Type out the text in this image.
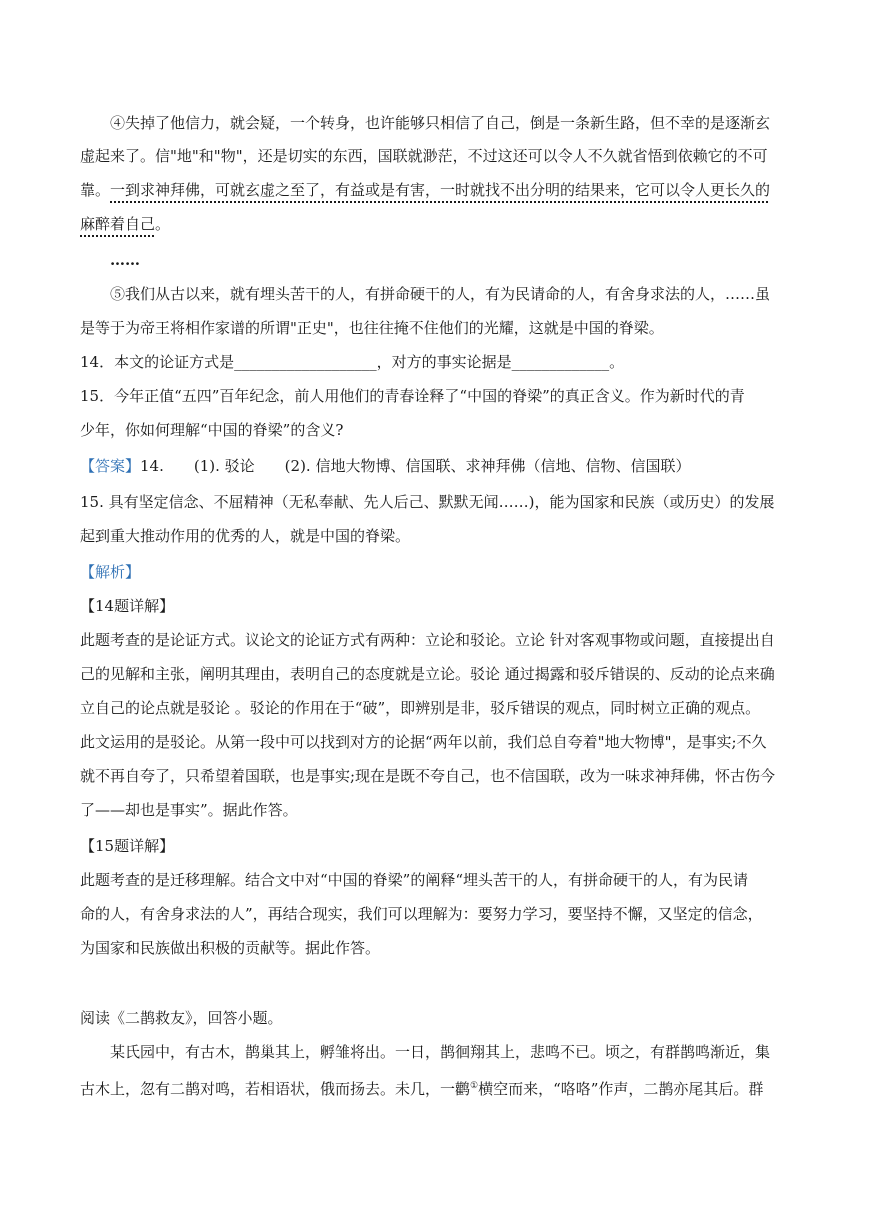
④失掉了他信力，就会疑，一个转身，也许能够只相信了自己，倒是一条新生路，但不幸的是逐渐玄
虚起来了。信"地"和"物"，还是切实的东西，国联就渺茫，不过这还可以令人不久就省悟到依赖它的不可
靠。一到求神拜佛，可就玄虚之至了，有益或是有害，一时就找不出分明的结果来，它可以令人更长久的
麻醉着自己。
……
⑤我们从古以来，就有埋头苦干的人，有拼命硬干的人，有为民请命的人，有舍身求法的人，……虽
是等于为帝王将相作家谱的所谓"正史"，也往往掩不住他们的光耀，这就是中国的脊梁。
14．本文的论证方式是___________________，对方的事实论据是_____________。
15．今年正值“五四”百年纪念，前人用他们的青春诠释了“中国的脊梁”的真正含义。作为新时代的青
少年，你如何理解“中国的脊梁”的含义?
【答案】14. (1). 驳论 (2). 信地大物博、信国联、求神拜佛（信地、信物、信国联）
15. 具有坚定信念、不屈精神（无私奉献、先人后己、默默无闻……)，能为国家和民族（或历史）的发展
起到重大推动作用的优秀的人，就是中国的脊梁。
【解析】
【14题详解】
此题考查的是论证方式。议论文的论证方式有两种：立论和驳论。立论 针对客观事物或问题，直接提出自
己的见解和主张，阐明其理由，表明自己的态度就是立论。驳论 通过揭露和驳斥错误的、反动的论点来确
立自己的论点就是驳论 。驳论的作用在于“破”，即辨别是非，驳斥错误的观点，同时树立正确的观点。
此文运用的是驳论。从第一段中可以找到对方的论据“两年以前，我们总自夸着"地大物博"，是事实;不久
就不再自夸了，只希望着国联，也是事实;现在是既不夸自己，也不信国联，改为一味求神拜佛，怀古伤今
了——却也是事实”。据此作答。
【15题详解】
此题考查的是迁移理解。结合文中对“中国的脊梁”的阐释“埋头苦干的人，有拼命硬干的人，有为民请
命的人，有舍身求法的人”，再结合现实，我们可以理解为：要努力学习，要坚持不懈，又坚定的信念，
为国家和民族做出积极的贡献等。据此作答。
阅读《二鹊救友》，回答小题。
某氏园中，有古木，鹊巢其上，孵雏将出。一日，鹊徊翔其上，悲鸣不已。顷之，有群鹊鸣渐近，集
古木上，忽有二鹊对鸣，若相语状，俄而扬去。未几，一鹳①横空而来，“咯咯”作声，二鹊亦尾其后。群
